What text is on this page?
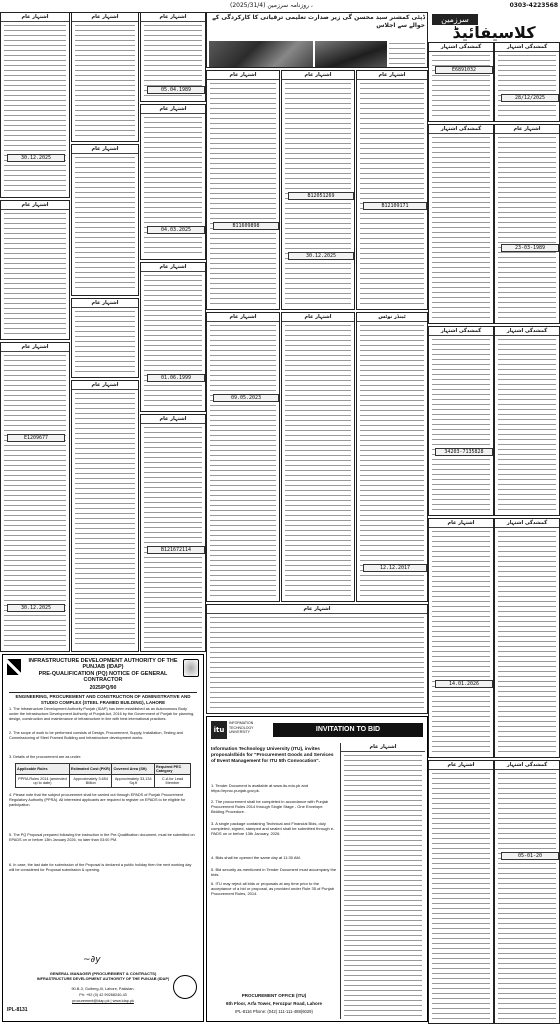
روزنامہ سرزمین (2025/31/4) ،	0303-4223568
سرزمین
کلاسیفائیڈ
ڈپٹی کمشنر سید محسن گی زیر صدارت تعلیمی ترقیاتی کا کارکردگی کے حوالے سے اجلاس
اشتہار عام
30.12.2025
اشتہار عام
اشتہار عام
E1209677
30.12.2025
اشتہار عام
اشتہار عام
اشتہار عام
اشتہار عام
اشتہار عام
05.04.1989
اشتہار عام
04.03.2025
اشتہار عام
01.06.1999
اشتہار عام
B121672114
اشتہار عام
B11609898
اشتہار عام
09.05.2023
اشتہار عام
B12051269
30.12.2025
اشتہار عام
اشتہار عام
B12109171
ٹینڈر نوٹس
12.12.2017
گمشدگی اشتہار
E6891032
گمشدگی اشتہار
28/12/2025
گمشدگی اشتہار	اشتہار عام
23-03-1989
گمشدگی اشتہار
34203-7135828
گمشدگی اشتہار
اشتہار عام
14.01.2026
گمشدگی اشتہار
اشتہار عام	گمشدگی اشتہار
05-01-20
اشتہار عام
INFRASTRUCTURE DEVELOPMENT AUTHORITY OF THE PUNJAB (IDAP)
PRE-QUALIFICATION (PQ) NOTICE OF GENERAL CONTRACTOR
2025/PQ/90
ENGINEERING, PROCUREMENT AND CONSTRUCTION OF ADMINISTRATIVE AND STUDIO COMPLEX (STEEL FRAMED BUILDING), LAHORE
1. The Infrastructure Development Authority Punjab (IDAP) has been established as an Autonomous Body under the Infrastructure Development Authority of Punjab Act, 2016 by the Government of Punjab for planning, design, construction and maintenance of infrastructure in line with best international practices.
2. The scope of work to be performed consists of Design, Procurement, Supply, Installation, Testing and Commissioning of Steel Framed Building and Infrastructure development works.
3. Details of the procurement are as under:
Applicable Rules	Estimated Cost (PKR)	Covered Area (Sft)	Required PEC Category
PPRA Rules 2014 (amended up to date)	Approximately 3.654 Billion	Approximately 33,134 Sq.ft	C-A for Lead Member
4. Please note that the subject procurement shall be carried out through EPADS of Punjab Procurement Regulatory Authority (PPRA). All interested applicants are required to register on EPADS to be eligible for participation.
5. The PQ Proposal prepared following the instruction in the Pre-Qualification document, must be submitted on EPADS on or before 13th January 2026, no later than 03:00 PM.
6. In case, the last date for submission of the Proposal is declared a public holiday then the next working day will be considered for Proposal submission & opening.
~∂y
GENERAL MANAGER (PROCUREMENT & CONTRACTS)
INFRASTRUCTURE DEVELOPMENT AUTHORITY OF THE PUNJAB (IDAP)
90-B-3, Gulberg-III, Lahore, Pakistan.
Ph: +92 (0) 42 99268240-43
procurement@idap.pk | www.idap.pk
IPL-8131
itu
INFORMATION TECHNOLOGY UNIVERSITY	INVITATION TO BID
Information Technology University (ITU), invites proposals/bids for "Procurement Goods and Services of Event Management for ITU 5th Convocation".
1. Tender Document is available at www.itu.edu.pk and https://eproc.punjab.gov.pk.
2. The procurement shall be completed in accordance with Punjab Procurement Rules 2014 through Single Stage - One Envelope Bidding Procedure.
3. A single package containing Technical and Financial Bids, duly completed, signed, stamped and sealed shall be submitted through e-PADS on or before 13th January, 2026.
4. Bids shall be opened the same day at 11:30 AM.
5. Bid security as mentioned in Tender Document must accompany the bids.
6. ITU may reject all bids or proposals at any time prior to the acceptance of a bid or proposal, as provided under Rule 35 of Punjab Procurement Rules, 2014.
PROCUREMENT OFFICE (ITU)
6th Floor, Arfa Tower, Ferozpur Road, Lahore
IPL-8116 Phone: (042) 111-111-488(6029)
اشتہار عام
